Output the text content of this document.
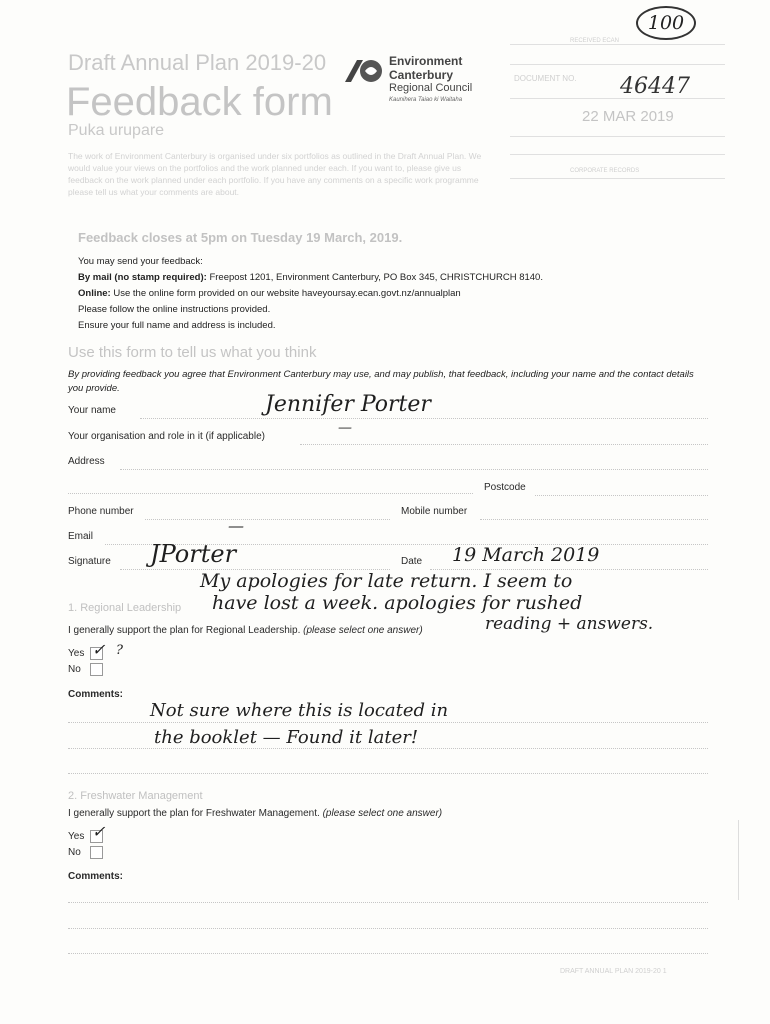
100
Draft Annual Plan 2019-20
Feedback form
Puka urupare
The work of Environment Canterbury is organised under six portfolios as outlined in the Draft Annual Plan. We would value your views on the portfolios and the work planned under each. If you want to, please give us feedback on the work planned under each portfolio. If you have any comments on a specific work programme please tell us what your comments are about.
Environment
Canterbury
Regional Council
Kaunihera Taiao ki Waitaha
RECEIVED ECAN
DOCUMENT NO. 46447
22 MAR 2019
CORPORATE RECORDS
Feedback closes at 5pm on Tuesday 19 March, 2019.
You may send your feedback:
By mail (no stamp required): Freepost 1201, Environment Canterbury, PO Box 345, CHRISTCHURCH 8140.
Online: Use the online form provided on our website haveyoursay.ecan.govt.nz/annualplan
Please follow the online instructions provided.
Ensure your full name and address is included.
Use this form to tell us what you think
By providing feedback you agree that Environment Canterbury may use, and may publish, that feedback, including your name and the contact details you provide.
Your name	Jennifer Porter
Your organisation and role in it (if applicable)
—
Address
Postcode
Phone number	Mobile number
Email
—
Signature JPorter	Date 19 March 2019
My apologies for late return. I seem to
have lost a week. apologies for rushed
reading + answers.
1. Regional Leadership
I generally support the plan for Regional Leadership. (please select one answer)
Yes ✓ ?
No
Comments:
Not sure where this is located in
the booklet — Found it later!
2. Freshwater Management
I generally support the plan for Freshwater Management. (please select one answer)
Yes ✓
No
Comments:
DRAFT ANNUAL PLAN 2019-20 1
